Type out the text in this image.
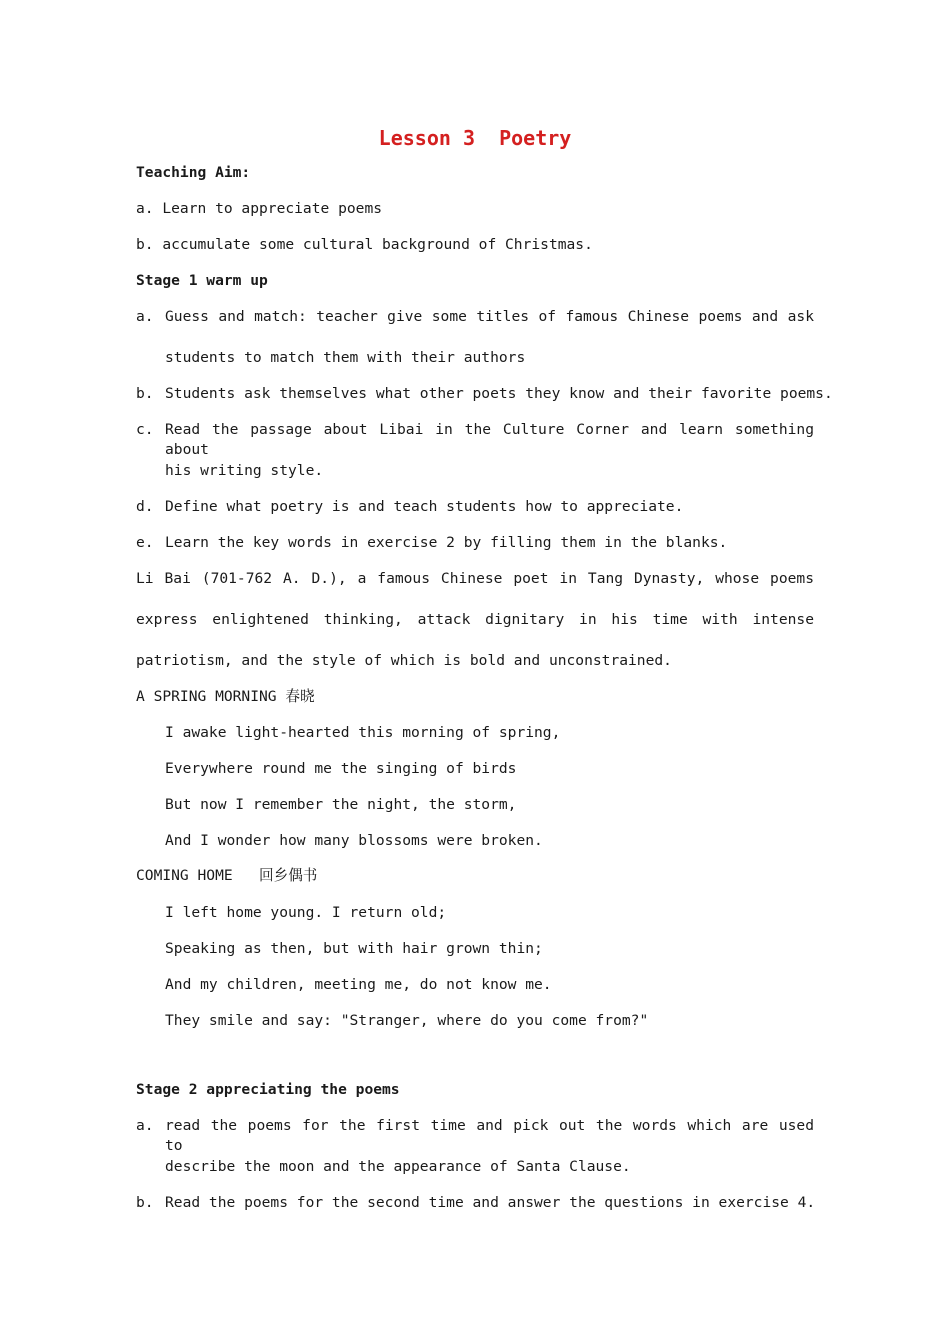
Lesson 3  Poetry
Teaching Aim:
a. Learn to appreciate poems
b. accumulate some cultural background of Christmas.
Stage 1 warm up
a. Guess and match: teacher give some titles of famous Chinese poems and ask
students to match them with their authors
b. Students ask themselves what other poets they know and their favorite poems.
c. Read the passage about Libai in the Culture Corner and learn something about
his writing style.
d. Define what poetry is and teach students how to appreciate.
e. Learn the key words in exercise 2 by filling them in the blanks.
Li Bai (701-762 A. D.), a famous Chinese poet in Tang Dynasty, whose poems
express enlightened thinking, attack dignitary in his time with intense
patriotism, and the style of which is bold and unconstrained.
A SPRING MORNING 春晓
I awake light-hearted this morning of spring,
Everywhere round me the singing of birds
But now I remember the night, the storm,
And I wonder how many blossoms were broken.
COMING HOME   回乡偶书
I left home young. I return old;
Speaking as then, but with hair grown thin;
And my children, meeting me, do not know me.
They smile and say: "Stranger, where do you come from?"
Stage 2 appreciating the poems
a. read the poems for the first time and pick out the words which are used to
describe the moon and the appearance of Santa Clause.
b. Read the poems for the second time and answer the questions in exercise 4.
